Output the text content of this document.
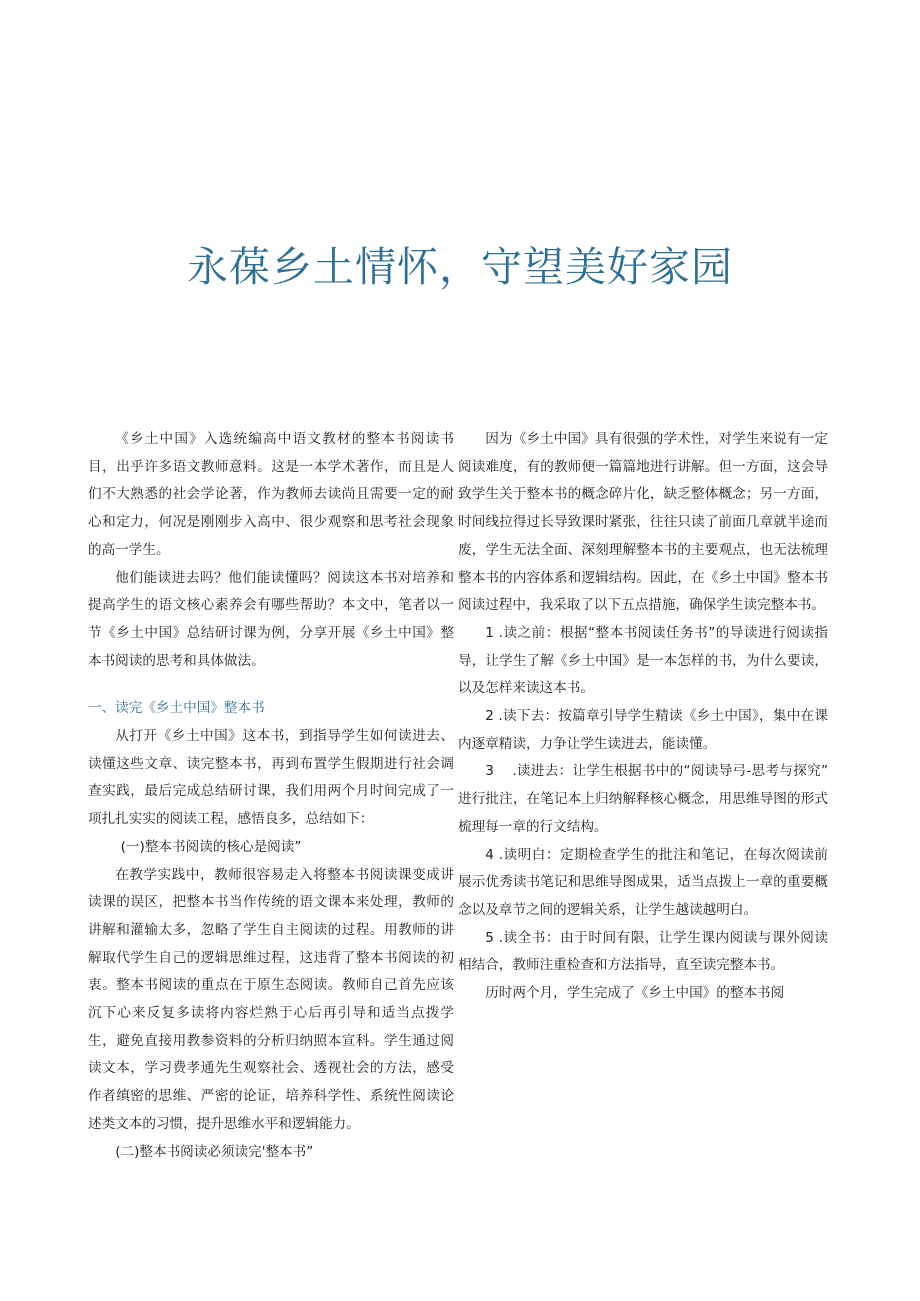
永葆乡土情怀，守望美好家园

《乡土中国》入选统编高中语文教材的整本书阅读书目，出乎许多语文教师意料。这是一本学术著作，而且是人们不大熟悉的社会学论著，作为教师去读尚且需要一定的耐心和定力，何况是刚刚步入高中、很少观察和思考社会现象的高一学生。

他们能读进去吗？他们能读懂吗？阅读这本书对培养和提高学生的语文核心素养会有哪些帮助？本文中，笔者以一节《乡土中国》总结研讨课为例，分享开展《乡土中国》整本书阅读的思考和具体做法。

一、读完《乡土中国》整本书

从打开《乡土中国》这本书，到指导学生如何读进去、读懂这些文章、读完整本书，再到布置学生假期进行社会调查实践，最后完成总结研讨课，我们用两个月时间完成了一项扎扎实实的阅读工程，感悟良多，总结如下：

(一)整本书阅读的核心是阅读”

在教学实践中，教师很容易走入将整本书阅读课变成讲读课的误区，把整本书当作传统的语文课本来处理，教师的讲解和灌输太多，忽略了学生自主阅读的过程。用教师的讲解取代学生自己的逻辑思维过程，这违背了整本书阅读的初衷。整本书阅读的重点在于原生态阅读。教师自己首先应该沉下心来反复多读将内容烂熟于心后再引导和适当点拨学生，避免直接用教参资料的分析归纳照本宣科。学生通过阅读文本，学习费孝通先生观察社会、透视社会的方法，感受作者缜密的思维、严密的论证，培养科学性、系统性阅读论述类文本的习惯，提升思维水平和逻辑能力。

(二)整本书阅读必须读完'整本书”

因为《乡土中国》具有很强的学术性，对学生来说有一定阅读难度，有的教师便一篇篇地进行讲解。但一方面，这会导致学生关于整本书的概念碎片化，缺乏整体概念；另一方面，时间线拉得过长导致课时紧张，往往只读了前面几章就半途而废，学生无法全面、深刻理解整本书的主要观点，也无法梳理整本书的内容体系和逻辑结构。因此，在《乡土中国》整本书阅读过程中，我采取了以下五点措施，确保学生读完整本书。

1 .读之前：根据“整本书阅读任务书”的导读进行阅读指导，让学生了解《乡土中国》是一本怎样的书，为什么要读，以及怎样来读这本书。

2 .读下去：按篇章引导学生精读《乡土中国》，集中在课内逐章精读，力争让学生读进去，能读懂。

3 　.读进去：让学生根据书中的“阅读导弓-思考与探究” 进行批注，在笔记本上归纳解释核心概念，用思维导图的形式梳理每一章的行文结构。

4 .读明白：定期检查学生的批注和笔记，在每次阅读前展示优秀读书笔记和思维导图成果，适当点拨上一章的重要概念以及章节之间的逻辑关系，让学生越读越明白。

5 .读全书：由于时间有限，让学生课内阅读与课外阅读相结合，教师注重检查和方法指导，直至读完整本书。

历时两个月，学生完成了《乡土中国》的整本书阅
